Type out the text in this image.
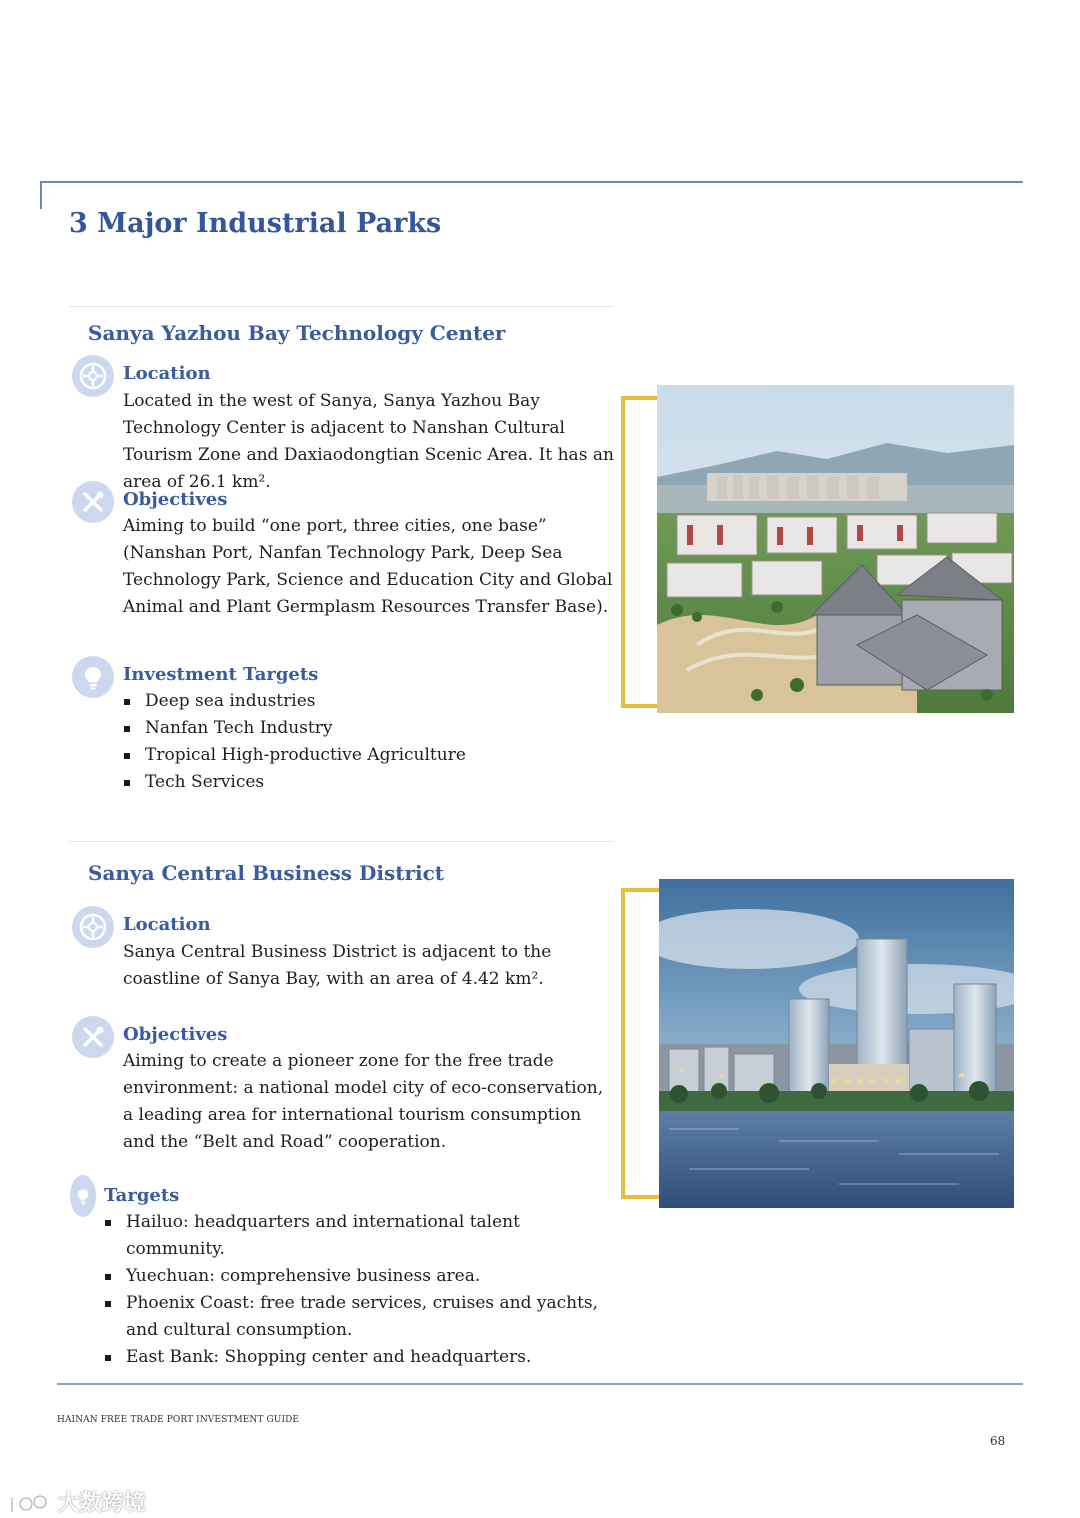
3 Major Industrial Parks
Sanya Yazhou Bay Technology Center
Location

Located in the west of Sanya, Sanya Yazhou Bay Technology Center is adjacent to Nanshan Cultural Tourism Zone and Daxiaodongtian Scenic Area. It has an area of 26.1 km².

Objectives

Aiming to build “one port, three cities, one base” (Nanshan Port, Nanfan Technology Park, Deep Sea Technology Park, Science and Education City and Global Animal and Plant Germplasm Resources Transfer Base).

Investment Targets
Deep sea industries
Nanfan Tech Industry
Tropical High-productive Agriculture
Tech Services
Sanya Central Business District
Location

Sanya Central Business District is adjacent to the coastline of Sanya Bay, with an area of 4.42 km².

Objectives

Aiming to create a pioneer zone for the free trade environment: a national model city of eco-conservation, a leading area for international tourism consumption and the “Belt and Road” cooperation.

Targets
Hailuo: headquarters and international talent community.
Yuechuan: comprehensive business area.
Phoenix Coast: free trade services, cruises and yachts, and cultural consumption.
East Bank: Shopping center and headquarters.
HAINAN FREE TRADE PORT INVESTMENT GUIDE
68
大数跨境
